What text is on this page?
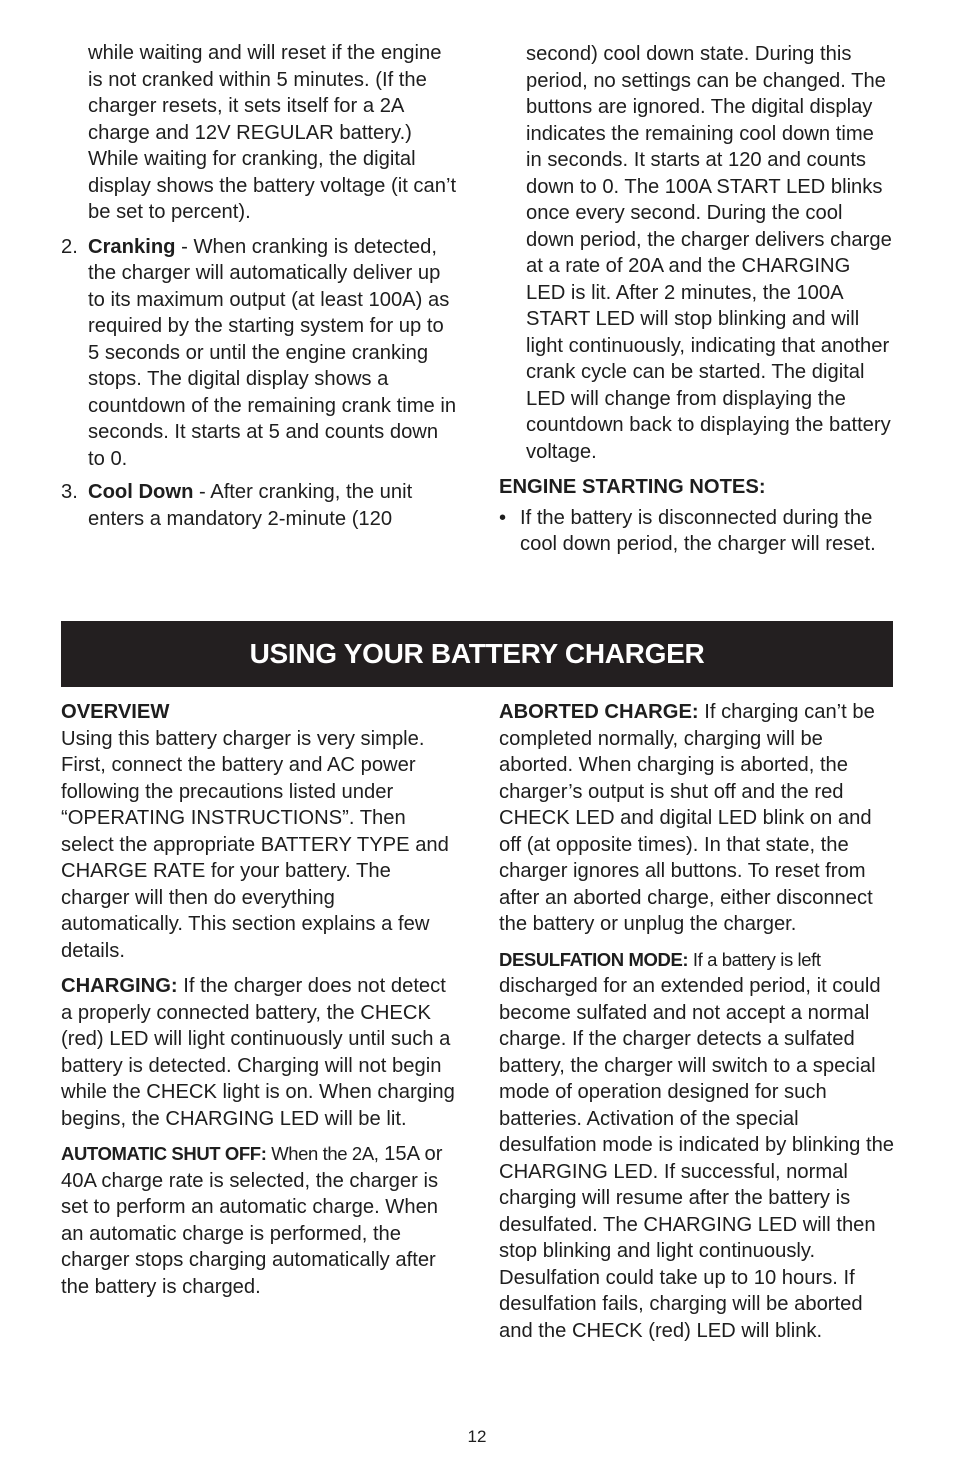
while waiting and will reset if the engine is not cranked within 5 minutes. (If the charger resets, it sets itself for a 2A charge and 12V REGULAR battery.) While waiting for cranking, the digital display shows the battery voltage (it can’t be set to percent).

2. Cranking - When cranking is detected, the charger will automatically deliver up to its maximum output (at least 100A) as required by the starting system for up to 5 seconds or until the engine cranking stops. The digital display shows a countdown of the remaining crank time in seconds. It starts at 5 and counts down to 0.

3. Cool Down - After cranking, the unit enters a mandatory 2-minute (120

second) cool down state. During this period, no settings can be changed. The buttons are ignored. The digital display indicates the remaining cool down time in seconds. It starts at 120 and counts down to 0. The 100A START LED blinks once every second. During the cool down period, the charger delivers charge at a rate of 20A and the CHARGING LED is lit. After 2 minutes, the 100A START LED will stop blinking and will light continuously, indicating that another crank cycle can be started. The digital LED will change from displaying the countdown back to displaying the battery voltage.

ENGINE STARTING NOTES:

• If the battery is disconnected during the cool down period, the charger will reset.

USING YOUR BATTERY CHARGER

OVERVIEW

Using this battery charger is very simple. First, connect the battery and AC power following the precautions listed under “OPERATING INSTRUCTIONS”. Then select the appropriate BATTERY TYPE and CHARGE RATE for your battery. The charger will then do everything automatically. This section explains a few details.

CHARGING: If the charger does not detect a properly connected battery, the CHECK (red) LED will light continuously until such a battery is detected. Charging will not begin while the CHECK light is on. When charging begins, the CHARGING LED will be lit.

AUTOMATIC SHUT OFF: When the 2A, 15A or 40A charge rate is selected, the charger is set to perform an automatic charge. When an automatic charge is performed, the charger stops charging automatically after the battery is charged.

ABORTED CHARGE: If charging can’t be completed normally, charging will be aborted. When charging is aborted, the charger’s output is shut off and the red CHECK LED and digital LED blink on and off (at opposite times). In that state, the charger ignores all buttons. To reset from after an aborted charge, either disconnect the battery or unplug the charger.

DESULFATION MODE: If a battery is left discharged for an extended period, it could become sulfated and not accept a normal charge. If the charger detects a sulfated battery, the charger will switch to a special mode of operation designed for such batteries. Activation of the special desulfation mode is indicated by blinking the CHARGING LED. If successful, normal charging will resume after the battery is desulfated. The CHARGING LED will then stop blinking and light continuously. Desulfation could take up to 10 hours. If desulfation fails, charging will be aborted and the CHECK (red) LED will blink.

12
